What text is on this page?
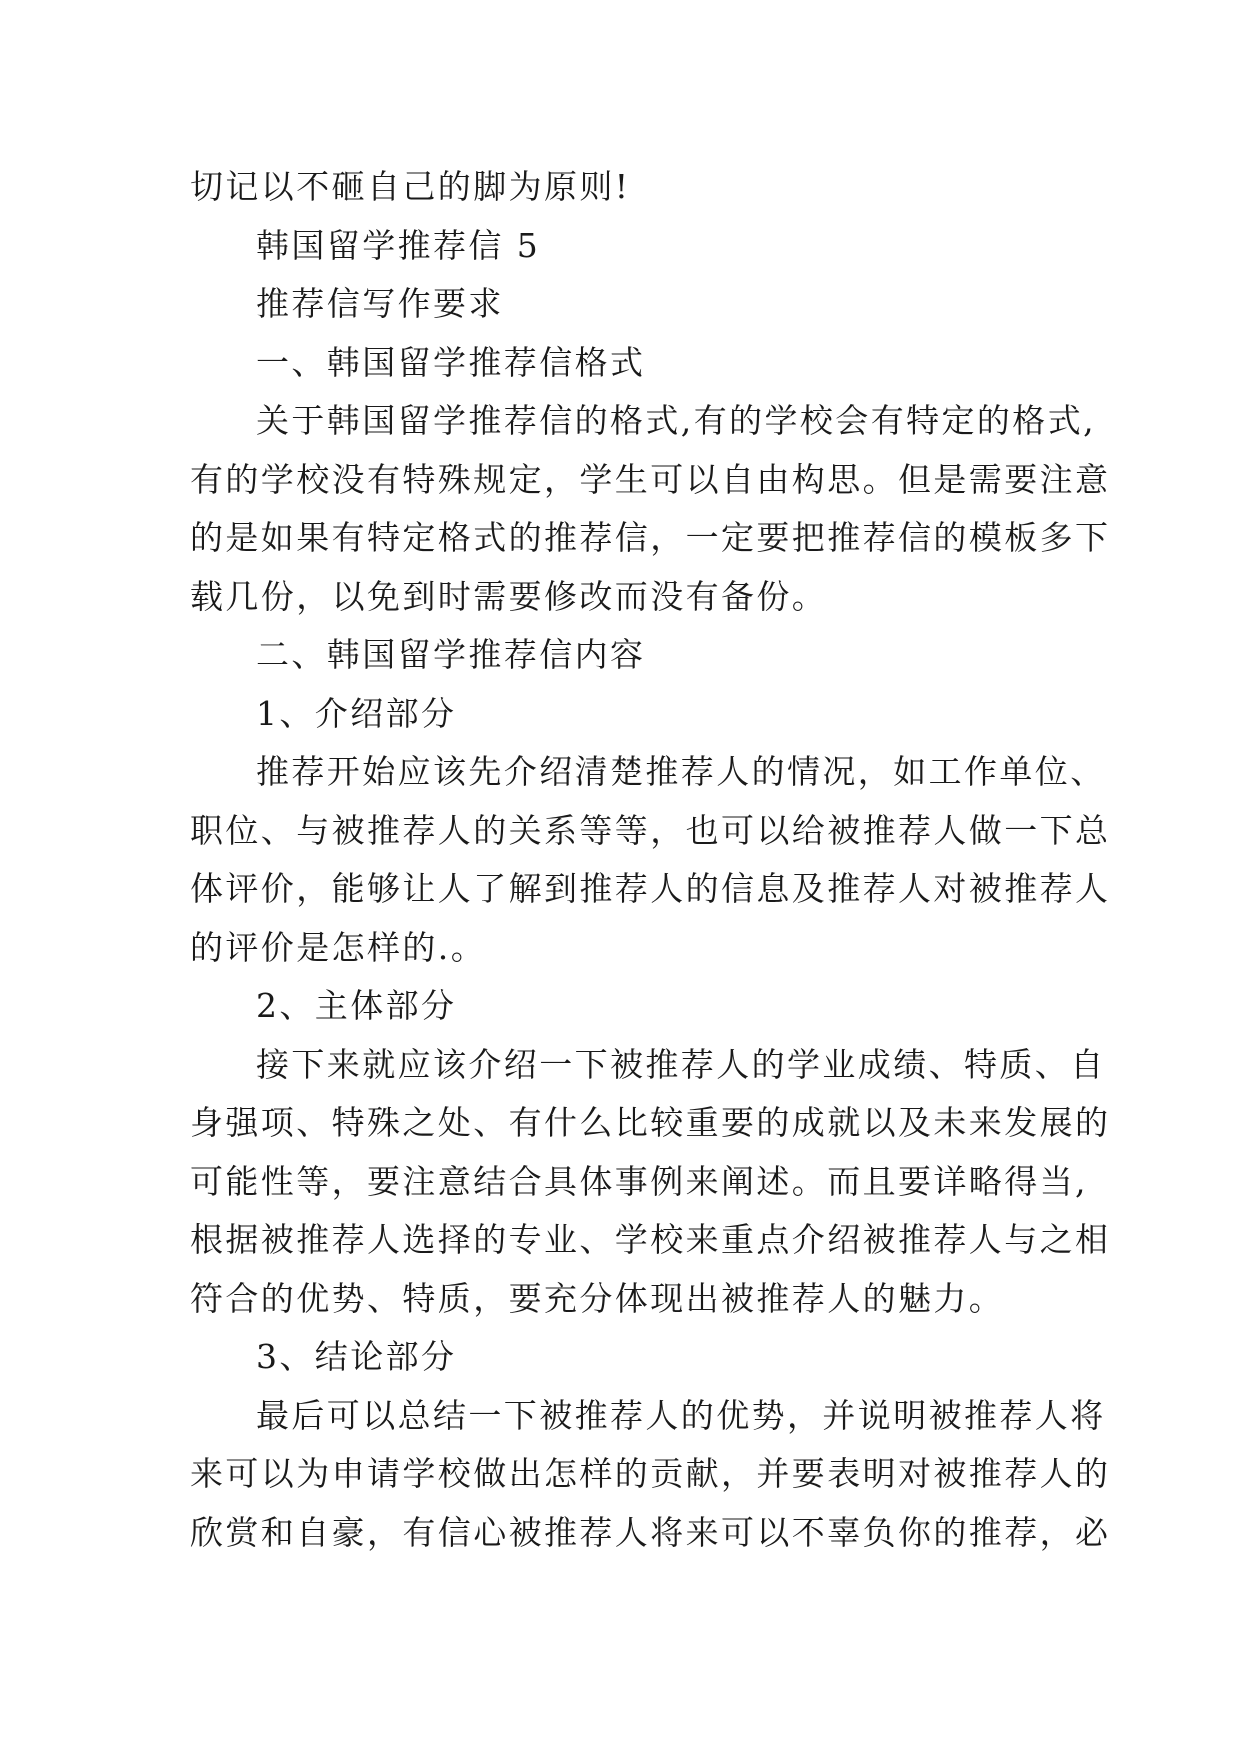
切记以不砸自己的脚为原则!
韩国留学推荐信 5
推荐信写作要求
一、韩国留学推荐信格式
关于韩国留学推荐信的格式,有的学校会有特定的格式,
有的学校没有特殊规定，学生可以自由构思。但是需要注意
的是如果有特定格式的推荐信，一定要把推荐信的模板多下
载几份，以免到时需要修改而没有备份。
二、韩国留学推荐信内容
1、介绍部分
推荐开始应该先介绍清楚推荐人的情况，如工作单位、
职位、与被推荐人的关系等等，也可以给被推荐人做一下总
体评价，能够让人了解到推荐人的信息及推荐人对被推荐人
的评价是怎样的.。
2、主体部分
接下来就应该介绍一下被推荐人的学业成绩、特质、自
身强项、特殊之处、有什么比较重要的成就以及未来发展的
可能性等，要注意结合具体事例来阐述。而且要详略得当,
根据被推荐人选择的专业、学校来重点介绍被推荐人与之相
符合的优势、特质，要充分体现出被推荐人的魅力。
3、结论部分
最后可以总结一下被推荐人的优势，并说明被推荐人将
来可以为申请学校做出怎样的贡献，并要表明对被推荐人的
欣赏和自豪，有信心被推荐人将来可以不辜负你的推荐，必
